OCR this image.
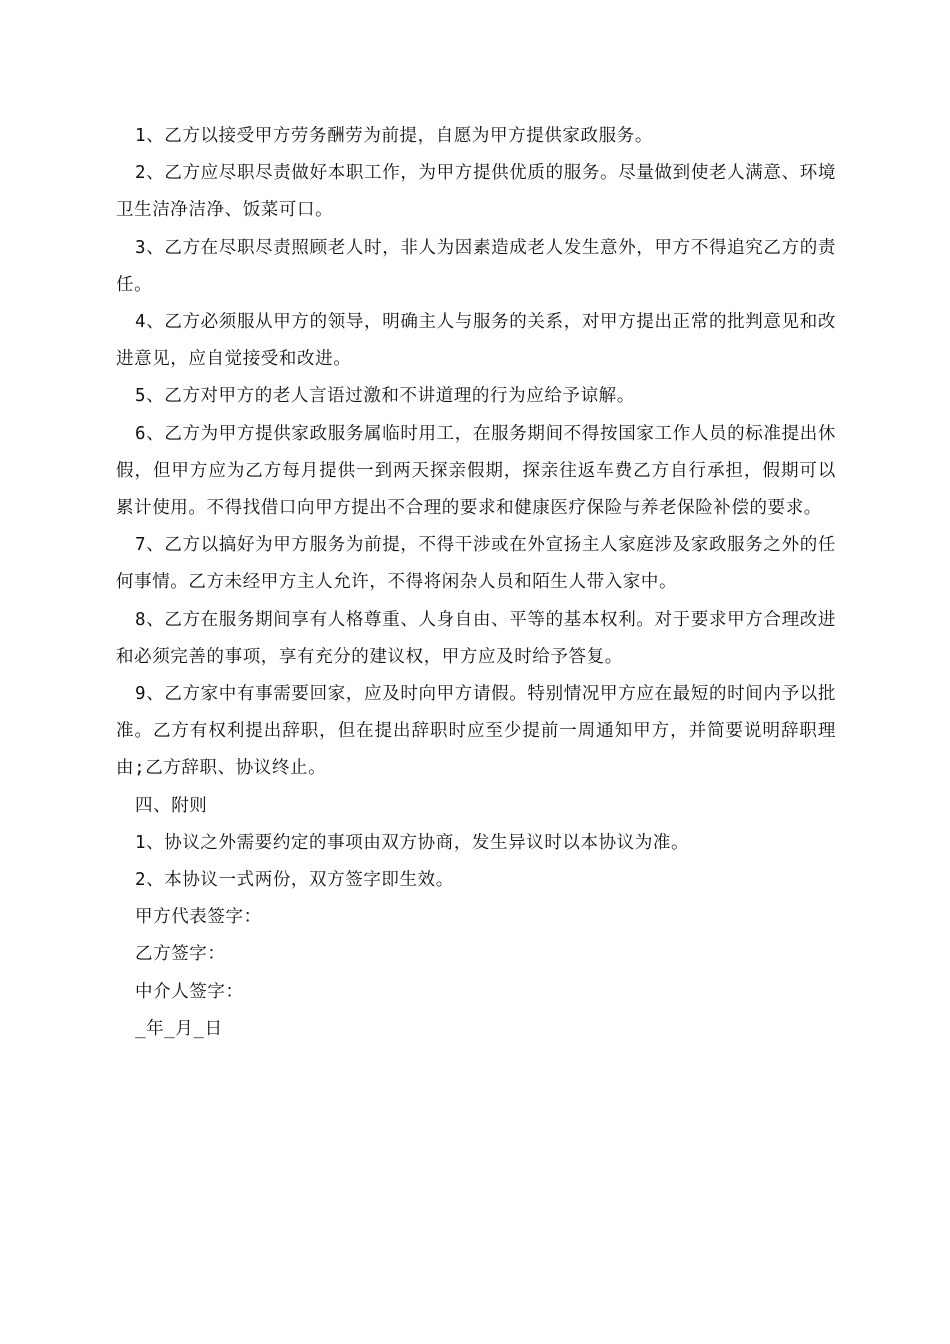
1、乙方以接受甲方劳务酬劳为前提，自愿为甲方提供家政服务。

2、乙方应尽职尽责做好本职工作，为甲方提供优质的服务。尽量做到使老人满意、环境卫生洁净洁净、饭菜可口。

3、乙方在尽职尽责照顾老人时，非人为因素造成老人发生意外，甲方不得追究乙方的责任。

4、乙方必须服从甲方的领导，明确主人与服务的关系，对甲方提出正常的批判意见和改进意见，应自觉接受和改进。

5、乙方对甲方的老人言语过激和不讲道理的行为应给予谅解。

6、乙方为甲方提供家政服务属临时用工，在服务期间不得按国家工作人员的标准提出休假，但甲方应为乙方每月提供一到两天探亲假期，探亲往返车费乙方自行承担，假期可以累计使用。不得找借口向甲方提出不合理的要求和健康医疗保险与养老保险补偿的要求。

7、乙方以搞好为甲方服务为前提，不得干涉或在外宣扬主人家庭涉及家政服务之外的任何事情。乙方未经甲方主人允许，不得将闲杂人员和陌生人带入家中。

8、乙方在服务期间享有人格尊重、人身自由、平等的基本权利。对于要求甲方合理改进和必须完善的事项，享有充分的建议权，甲方应及时给予答复。

9、乙方家中有事需要回家，应及时向甲方请假。特别情况甲方应在最短的时间内予以批准。乙方有权利提出辞职，但在提出辞职时应至少提前一周通知甲方，并简要说明辞职理由;乙方辞职、协议终止。

四、附则

1、协议之外需要约定的事项由双方协商，发生异议时以本协议为准。

2、本协议一式两份，双方签字即生效。

甲方代表签字：

乙方签字：

中介人签字：

_年_月_日
